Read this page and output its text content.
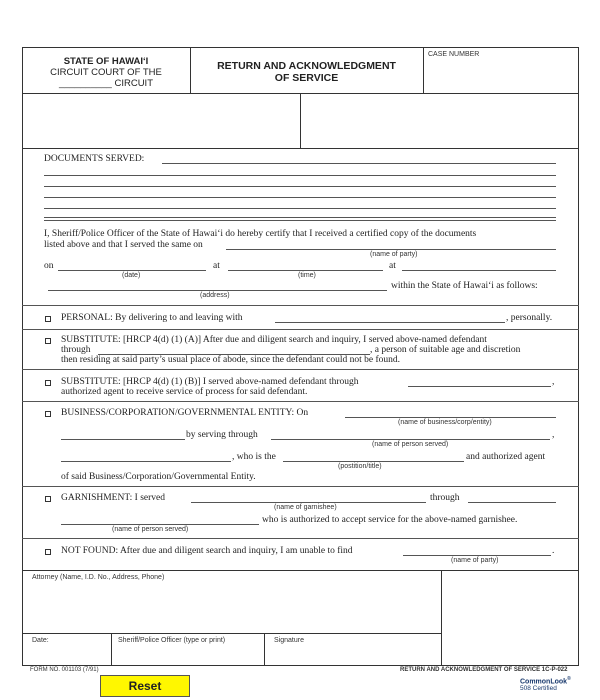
STATE OF HAWAI‘I
CIRCUIT COURT OF THE
__________ CIRCUIT
RETURN AND ACKNOWLEDGMENT
OF SERVICE
CASE NUMBER
DOCUMENTS SERVED:
I, Sheriff/Police Officer of the State of Hawai‘i do hereby certify that I received a certified copy of the documents
listed above and that I served the same on
(name of party)
on
(date)
at
(time)
at
(address)
within the State of Hawai‘i as follows:
PERSONAL: By delivering to and leaving with	, personally.
SUBSTITUTE: [HRCP 4(d) (1) (A)] After due and diligent search and inquiry, I served above-named defendant
through	, a person of suitable age and discretion
then residing at said party’s usual place of abode, since the defendant could not be found.
SUBSTITUTE: [HRCP 4(d) (1) (B)] I served above-named defendant through	,
authorized agent to receive service of process for said defendant.
BUSINESS/CORPORATION/GOVERNMENTAL ENTITY: On
(name of business/corp/entity)
by serving through	,
(name of person served)
, who is the	and authorized agent
(postition/title)
of said Business/Corporation/Governmental Entity.
GARNISHMENT: I served	through
(name of garnishee)
who is authorized to accept service for the above-named garnishee.
(name of person served)
NOT FOUND: After due and diligent search and inquiry, I am unable to find	.
(name of party)
Attorney (Name, I.D. No., Address, Phone)
Date:	Sheriff/Police Officer (type or print)	Signature
FORM NO. 001103 (7/91)	RETURN AND ACKNOWLEDGMENT OF SERVICE 1C-P-022
CommonLook®
508 Certified
Reset
